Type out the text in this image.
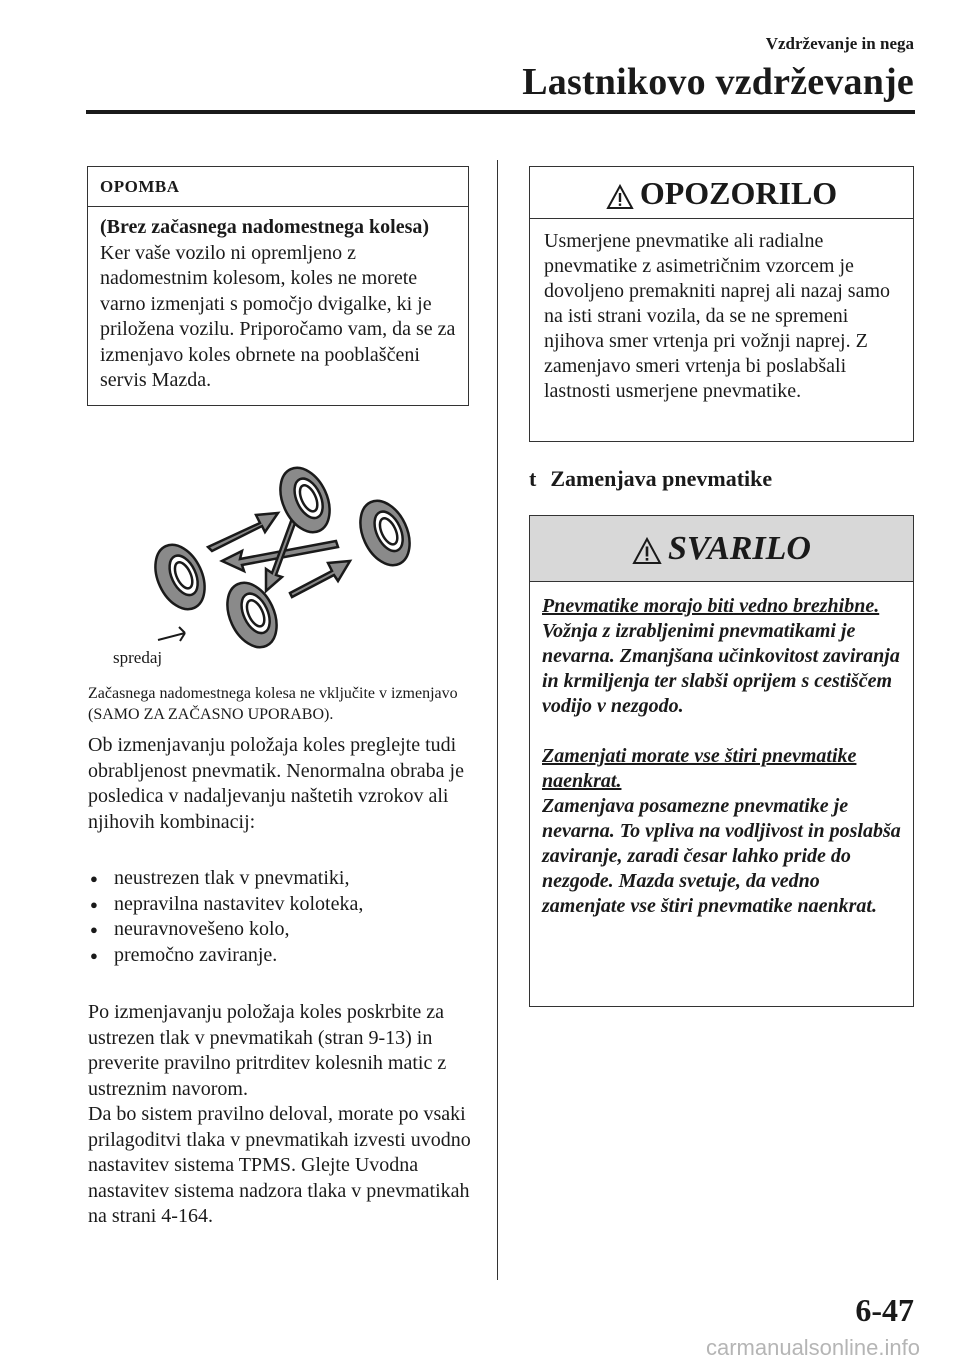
Vzdrževanje in nega
Lastnikovo vzdrževanje
OPOMBA
(Brez začasnega nadomestnega kolesa)
Ker vaše vozilo ni opremljeno z nadomestnim kolesom, koles ne morete varno izmenjati s pomočjo dvigalke, ki je priložena vozilu. Priporočamo vam, da se za izmenjavo koles obrnete na pooblaščeni servis Mazda.
spredaj
Začasnega nadomestnega kolesa ne vključite v izmenjavo (SAMO ZA ZAČASNO UPORABO).
Ob izmenjavanju položaja koles preglejte tudi obrabljenost pnevmatik. Nenormalna obraba je posledica v nadaljevanju naštetih vzrokov ali njihovih kombinacij:
● neustrezen tlak v pnevmatiki,
● nepravilna nastavitev koloteka,
● neuravnovešeno kolo,
● premočno zaviranje.
Po izmenjavanju položaja koles poskrbite za ustrezen tlak v pnevmatikah (stran 9-13) in preverite pravilno pritrditev kolesnih matic z ustreznim navorom.
Da bo sistem pravilno deloval, morate po vsaki prilagoditvi tlaka v pnevmatikah izvesti uvodno nastavitev sistema TPMS. Glejte Uvodna nastavitev sistema nadzora tlaka v pnevmatikah na strani 4-164.
OPOZORILO
Usmerjene pnevmatike ali radialne pnevmatike z asimetričnim vzorcem je dovoljeno premakniti naprej ali nazaj samo na isti strani vozila, da se ne spremeni njihova smer vrtenja pri vožnji naprej. Z zamenjavo smeri vrtenja bi poslabšali lastnosti usmerjene pnevmatike.
t Zamenjava pnevmatike
SVARILO

Pnevmatike morajo biti vedno brezhibne.

Vožnja z izrabljenimi pnevmatikami je nevarna. Zmanjšana učinkovitost zaviranja in krmiljenja ter slabši oprijem s cestiščem vodijo v nezgodo.

Zamenjati morate vse štiri pnevmatike naenkrat.

Zamenjava posamezne pnevmatike je nevarna. To vpliva na vodljivost in poslabša zaviranje, zaradi česar lahko pride do nezgode. Mazda svetuje, da vedno zamenjate vse štiri pnevmatike naenkrat.

6-47
carmanualsonline.info
